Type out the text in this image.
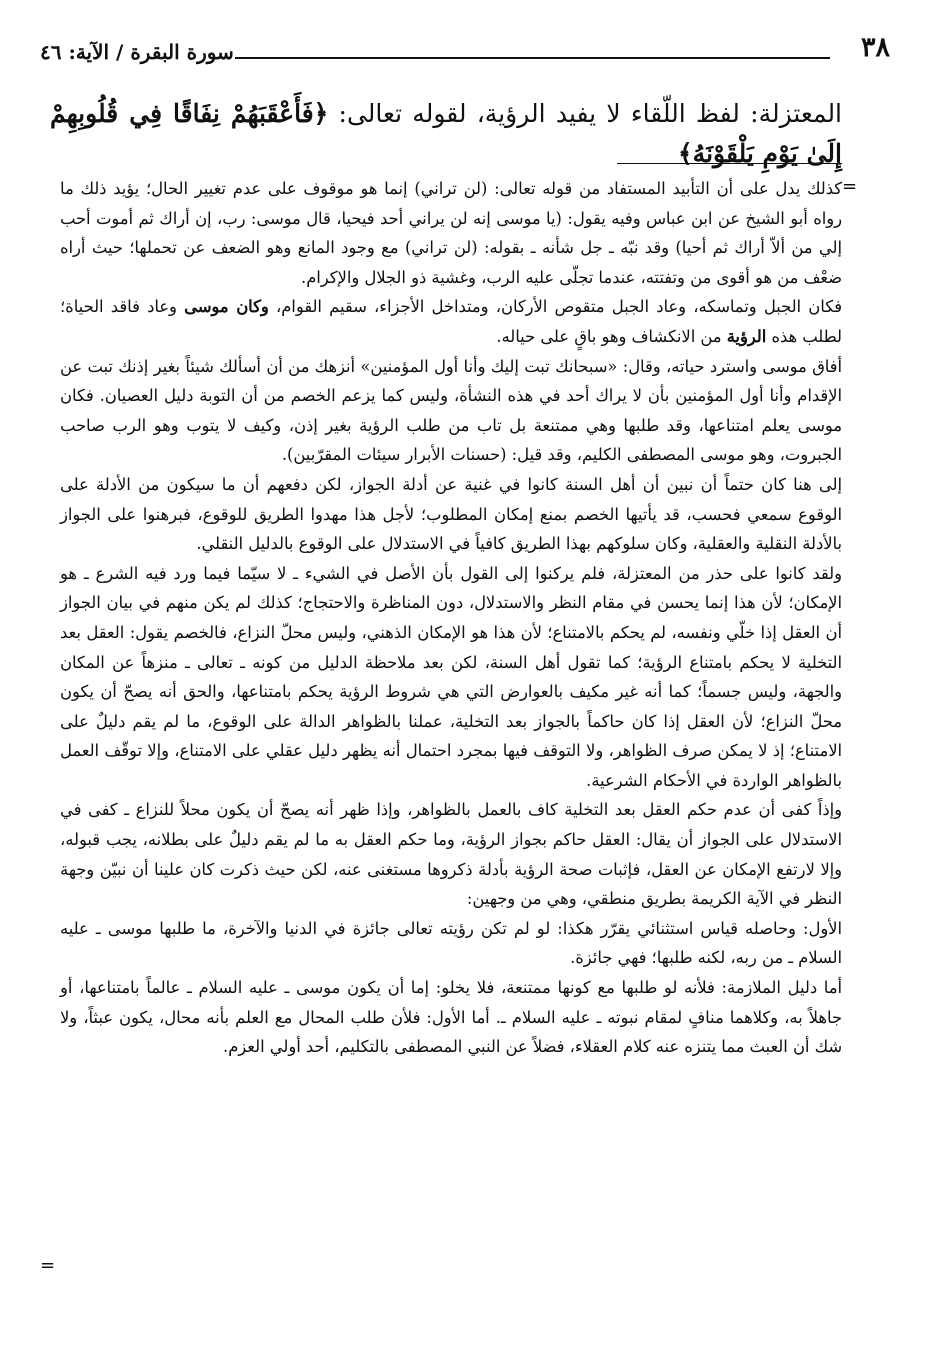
٣٨
سورة البقرة / الآية: ٤٦
المعتزلة: لفظ اللّقاء لا يفيد الرؤية، لقوله تعالى: ﴿فَأَعْقَبَهُمْ نِفَاقًا فِي قُلُوبِهِمْ إِلَىٰ يَوْمِ يَلْقَوْنَهُ﴾
=

كذلك يدل على أن التأبيد المستفاد من قوله تعالى: (لن تراني) إنما هو موقوف على عدم تغيير الحال؛ يؤيد ذلك ما رواه أبو الشيخ عن ابن عباس وفيه يقول: (يا موسى إنه لن يراني أحد فيحيا، قال موسى: رب، إن أراك ثم أموت أحب إلي من ألاّ أراك ثم أحيا) وقد نبّه ـ جل شأنه ـ بقوله: (لن تراني) مع وجود المانع وهو الضعف عن تحملها؛ حيث أراه ضعْف من هو أقوى من وتفتته، عندما تجلّى عليه الرب، وغشية ذو الجلال والإكرام.

فكان الجبل وتماسكه، وعاد الجبل متقوص الأركان، ومتداخل الأجزاء، سقيم القوام، وكان موسى وعاد فاقد الحياة؛ لطلب هذه الرؤية من الانكشاف وهو باقٍ على حياله.

أفاق موسى واسترد حياته، وقال: «سبحانك تبت إليك وأنا أول المؤمنين» أنزهك من أن أسألك شيئاً بغير إذنك تبت عن الإقدام وأنا أول المؤمنين بأن لا يراك أحد في هذه النشأة، وليس كما يزعم الخصم من أن التوبة دليل العصيان. فكان موسى يعلم امتناعها، وقد طلبها وهي ممتنعة بل تاب من طلب الرؤية بغير إذن، وكيف لا يتوب وهو الرب صاحب الجبروت، وهو موسى المصطفى الكليم، وقد قيل: (حسنات الأبرار سيئات المقرّبين).

إلى هنا كان حتماً أن نبين أن أهل السنة كانوا في غنية عن أدلة الجواز، لكن دفعهم أن ما سيكون من الأدلة على الوقوع سمعي فحسب، قد يأتيها الخصم بمنع إمكان المطلوب؛ لأجل هذا مهدوا الطريق للوقوع، فبرهنوا على الجواز بالأدلة النقلية والعقلية، وكان سلوكهم بهذا الطريق كافياً في الاستدلال على الوقوع بالدليل النقلي.

ولقد كانوا على حذر من المعتزلة، فلم يركنوا إلى القول بأن الأصل في الشيء ـ لا سيّما فيما ورد فيه الشرع ـ هو الإمكان؛ لأن هذا إنما يحسن في مقام النظر والاستدلال، دون المناظرة والاحتجاج؛ كذلك لم يكن منهم في بيان الجواز أن العقل إذا خلّي ونفسه، لم يحكم بالامتناع؛ لأن هذا هو الإمكان الذهني، وليس محلّ النزاع، فالخصم يقول: العقل بعد التخلية لا يحكم بامتناع الرؤية؛ كما تقول أهل السنة، لكن بعد ملاحظة الدليل من كونه ـ تعالى ـ منزهاً عن المكان والجهة، وليس جسماً؛ كما أنه غير مكيف بالعوارض التي هي شروط الرؤية يحكم بامتناعها، والحق أنه يصحّ أن يكون محلّ النزاع؛ لأن العقل إذا كان حاكماً بالجواز بعد التخلية، عملنا بالظواهر الدالة على الوقوع، ما لم يقم دليلٌ على الامتناع؛ إذ لا يمكن صرف الظواهر، ولا التوقف فيها بمجرد احتمال أنه يظهر دليل عقلي على الامتناع، وإلا توقّف العمل بالظواهر الواردة في الأحكام الشرعية.

وإذاً كفى أن عدم حكم العقل بعد التخلية كاف بالعمل بالظواهر، وإذا ظهر أنه يصحّ أن يكون محلاً للنزاع ـ كفى في الاستدلال على الجواز أن يقال: العقل حاكم بجواز الرؤية، وما حكم العقل به ما لم يقم دليلٌ على بطلانه، يجب قبوله، وإلا لارتفع الإمكان عن العقل، فإثبات صحة الرؤية بأدلة ذكروها مستغنى عنه، لكن حيث ذكرت كان علينا أن نبيّن وجهة النظر في الآية الكريمة بطريق منطقي، وهي من وجهين:

الأول: وحاصله قياس استثنائي يقرّر هكذا: لو لم تكن رؤيته تعالى جائزة في الدنيا والآخرة، ما طلبها موسى ـ عليه السلام ـ من ربه، لكنه طلبها؛ فهي جائزة.

أما دليل الملازمة: فلأنه لو طلبها مع كونها ممتنعة، فلا يخلو: إما أن يكون موسى ـ عليه السلام ـ عالماً بامتناعها، أو جاهلاً به، وكلاهما منافٍ لمقام نبوته ـ عليه السلام ـ. أما الأول: فلأن طلب المحال مع العلم بأنه محال، يكون عبثاً، ولا شك أن العبث مما يتنزه عنه كلام العقلاء، فضلاً عن النبي المصطفى بالتكليم، أحد أولي العزم.

=
